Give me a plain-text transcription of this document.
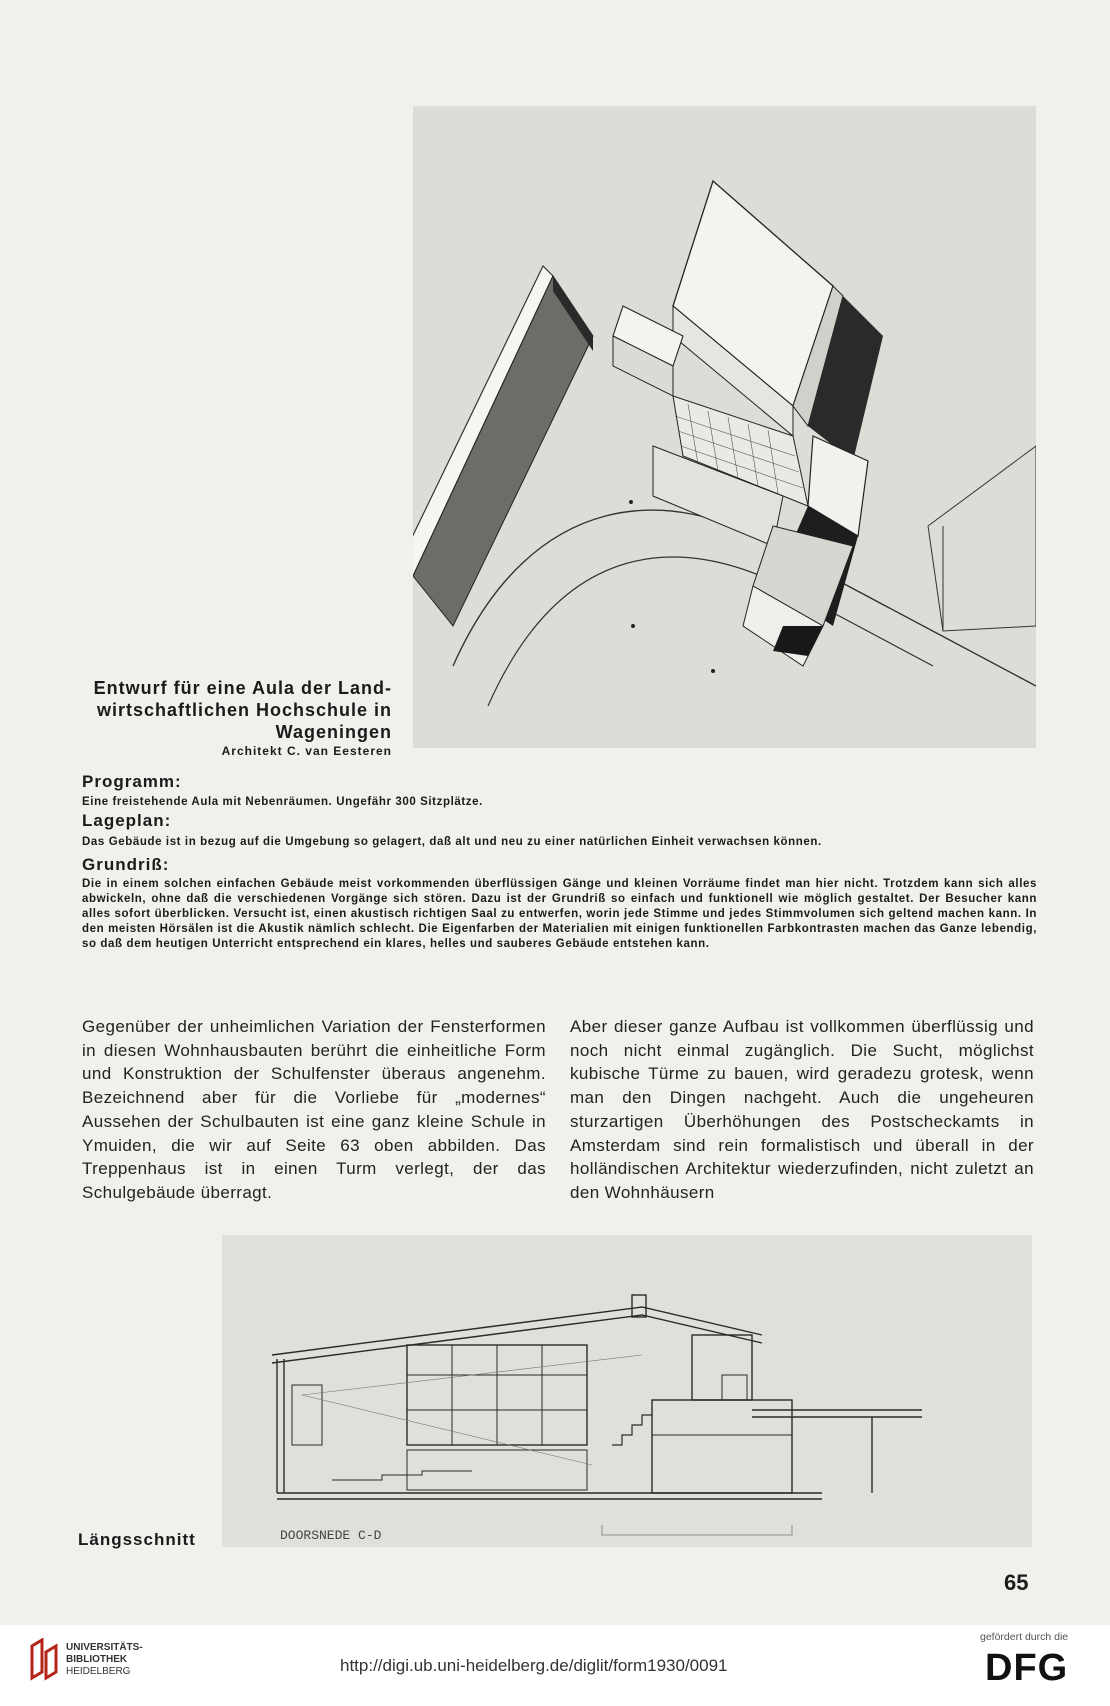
Entwurf für eine Aula der Land-
wirtschaftlichen Hochschule in
Wageningen
Architekt C. van Eesteren
Programm:
Eine freistehende Aula mit Nebenräumen. Ungefähr 300 Sitzplätze.
Lageplan:
Das Gebäude ist in bezug auf die Umgebung so gelagert, daß alt und neu zu einer natürlichen Einheit verwachsen können.
Grundriß:
Die in einem solchen einfachen Gebäude meist vorkommenden überflüssigen Gänge und kleinen Vorräume findet man hier nicht. Trotzdem kann sich alles abwickeln, ohne daß die verschiedenen Vorgänge sich stören. Dazu ist der Grundriß so einfach und funktionell wie möglich gestaltet. Der Besucher kann alles sofort überblicken. Versucht ist, einen akustisch richtigen Saal zu entwerfen, worin jede Stimme und jedes Stimmvolumen sich geltend machen kann. In den meisten Hörsälen ist die Akustik nämlich schlecht. Die Eigenfarben der Materialien mit einigen funktionellen Farbkontrasten machen das Ganze lebendig, so daß dem heutigen Unterricht entsprechend ein klares, helles und sauberes Gebäude entstehen kann.
Gegenüber der unheimlichen Variation der Fensterformen in diesen Wohnhausbauten berührt die einheitliche Form und Konstruktion der Schulfenster überaus angenehm. Bezeichnend aber für die Vorliebe für „modernes“ Aussehen der Schulbauten ist eine ganz kleine Schule in Ymuiden, die wir auf Seite 63 oben abbilden. Das Treppenhaus ist in einen Turm verlegt, der das Schulgebäude überragt.
Aber dieser ganze Aufbau ist vollkommen überflüssig und noch nicht einmal zugänglich. Die Sucht, möglichst kubische Türme zu bauen, wird geradezu grotesk, wenn man den Dingen nachgeht. Auch die ungeheuren sturzartigen Überhöhungen des Postscheckamts in Amsterdam sind rein formalistisch und überall in der holländischen Architektur wiederzufinden, nicht zuletzt an den Wohnhäusern
DOORSNEDE C-D
Längsschnitt
65
UNIVERSITÄTS-
BIBLIOTHEK
HEIDELBERG	http://digi.ub.uni-heidelberg.de/diglit/form1930/0091
gefördert durch die
DFG
